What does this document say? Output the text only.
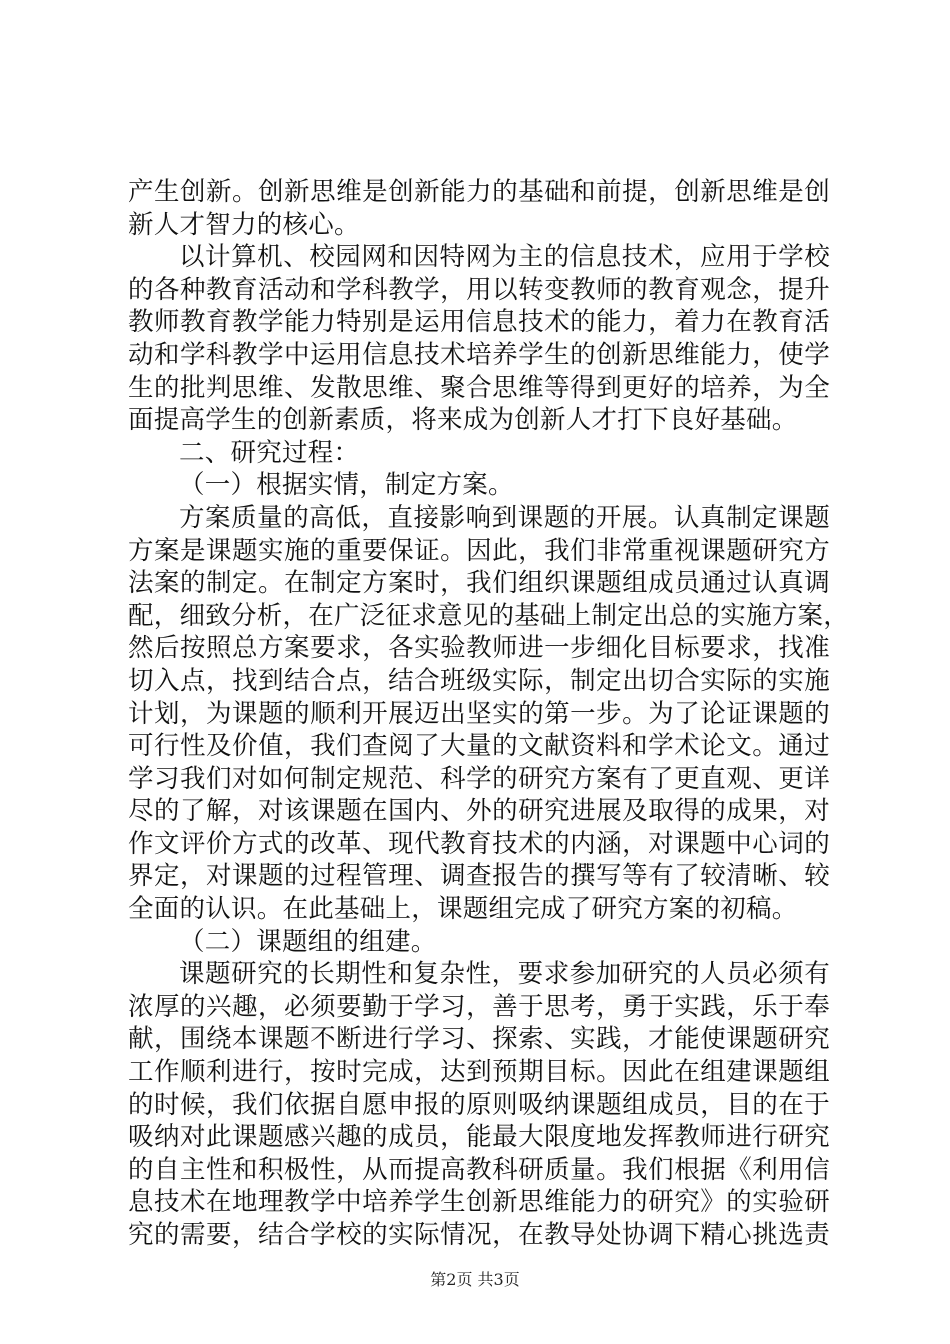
产生创新。创新思维是创新能力的基础和前提，创新思维是创
新人才智力的核心。
以计算机、校园网和因特网为主的信息技术，应用于学校
的各种教育活动和学科教学，用以转变教师的教育观念，提升
教师教育教学能力特别是运用信息技术的能力，着力在教育活
动和学科教学中运用信息技术培养学生的创新思维能力，使学
生的批判思维、发散思维、聚合思维等得到更好的培养，为全
面提高学生的创新素质，将来成为创新人才打下良好基础。
二、研究过程：
（一）根据实情，制定方案。
方案质量的高低，直接影响到课题的开展。认真制定课题
方案是课题实施的重要保证。因此，我们非常重视课题研究方
法案的制定。在制定方案时，我们组织课题组成员通过认真调
配，细致分析，在广泛征求意见的基础上制定出总的实施方案，
然后按照总方案要求，各实验教师进一步细化目标要求，找准
切入点，找到结合点，结合班级实际，制定出切合实际的实施
计划，为课题的顺利开展迈出坚实的第一步。为了论证课题的
可行性及价值，我们查阅了大量的文献资料和学术论文。通过
学习我们对如何制定规范、科学的研究方案有了更直观、更详
尽的了解，对该课题在国内、外的研究进展及取得的成果，对
作文评价方式的改革、现代教育技术的内涵，对课题中心词的
界定，对课题的过程管理、调查报告的撰写等有了较清晰、较
全面的认识。在此基础上，课题组完成了研究方案的初稿。
（二）课题组的组建。
课题研究的长期性和复杂性，要求参加研究的人员必须有
浓厚的兴趣，必须要勤于学习，善于思考，勇于实践，乐于奉
献，围绕本课题不断进行学习、探索、实践，才能使课题研究
工作顺利进行，按时完成，达到预期目标。因此在组建课题组
的时候，我们依据自愿申报的原则吸纳课题组成员，目的在于
吸纳对此课题感兴趣的成员，能最大限度地发挥教师进行研究
的自主性和积极性，从而提高教科研质量。我们根据《利用信
息技术在地理教学中培养学生创新思维能力的研究》的实验研
究的需要，结合学校的实际情况，在教导处协调下精心挑选责
第2页 共3页
